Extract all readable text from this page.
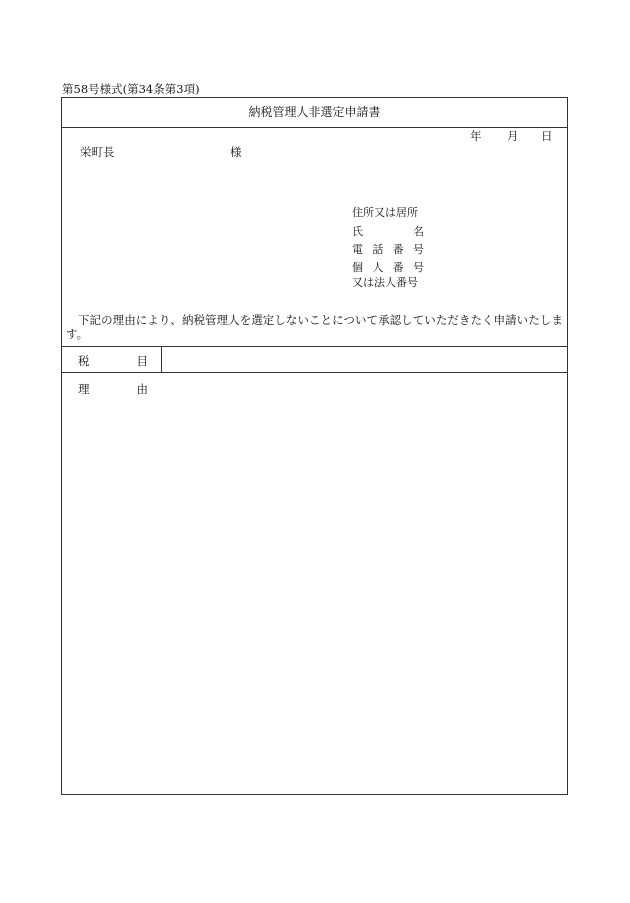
第58号様式(第34条第3項)
納税管理人非選定申請書
年 月 日
栄町長	様
住所又は居所
氏	名
電 話 番 号
個 人 番 号
又は法人番号
下記の理由により、納税管理人を選定しないことについて承認していただきたく申請いたします。
税	目
理	由
